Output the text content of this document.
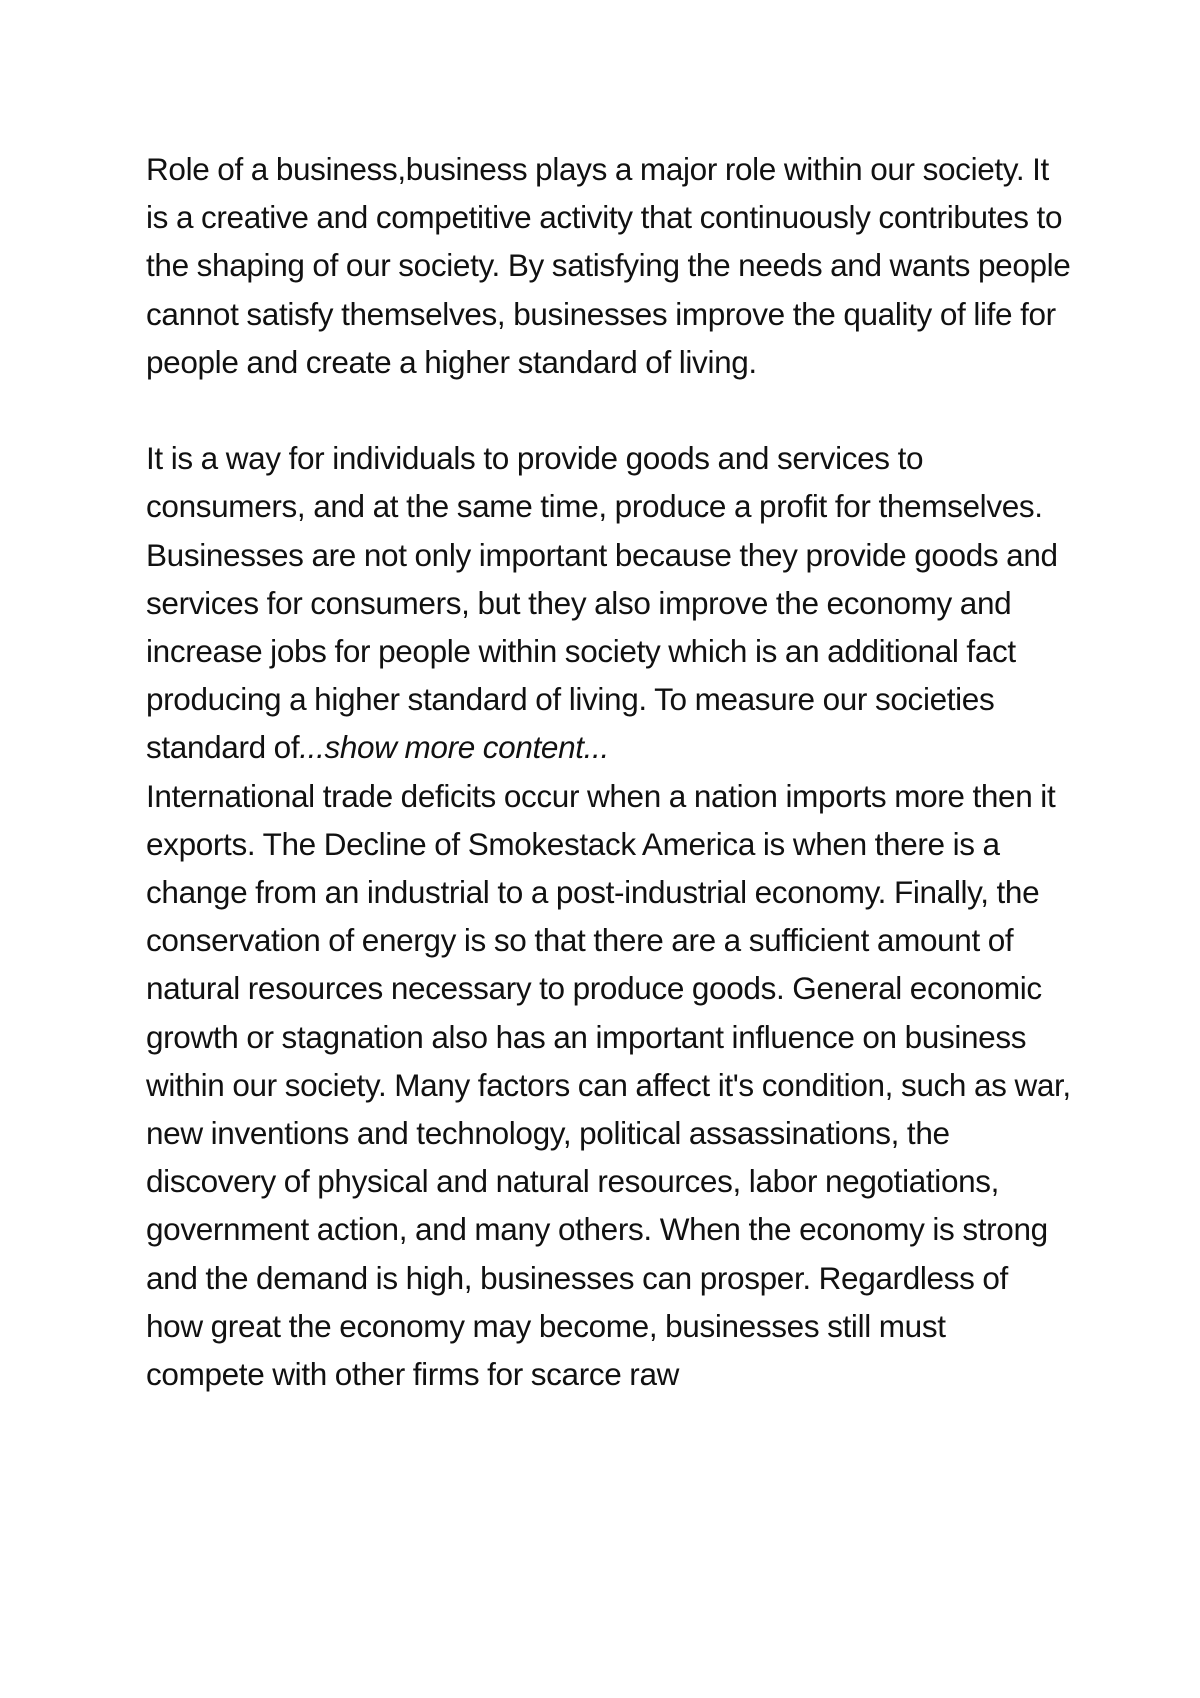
Role of a business,business plays a major role within our society. It is a creative and competitive activity that continuously contributes to the shaping of our society. By satisfying the needs and wants people cannot satisfy themselves, businesses improve the quality of life for people and create a higher standard of living.

It is a way for individuals to provide goods and services to consumers, and at the same time, produce a profit for themselves. Businesses are not only important because they provide goods and services for consumers, but they also improve the economy and increase jobs for people within society which is an additional fact producing a higher standard of living. To measure our societies standard of...show more content...

International trade deficits occur when a nation imports more then it exports. The Decline of Smokestack America is when there is a change from an industrial to a post-industrial economy. Finally, the conservation of energy is so that there are a sufficient amount of natural resources necessary to produce goods. General economic growth or stagnation also has an important influence on business within our society. Many factors can affect it's condition, such as war, new inventions and technology, political assassinations, the discovery of physical and natural resources, labor negotiations, government action, and many others. When the economy is strong and the demand is high, businesses can prosper. Regardless of how great the economy may become, businesses still must compete with other firms for scarce raw
